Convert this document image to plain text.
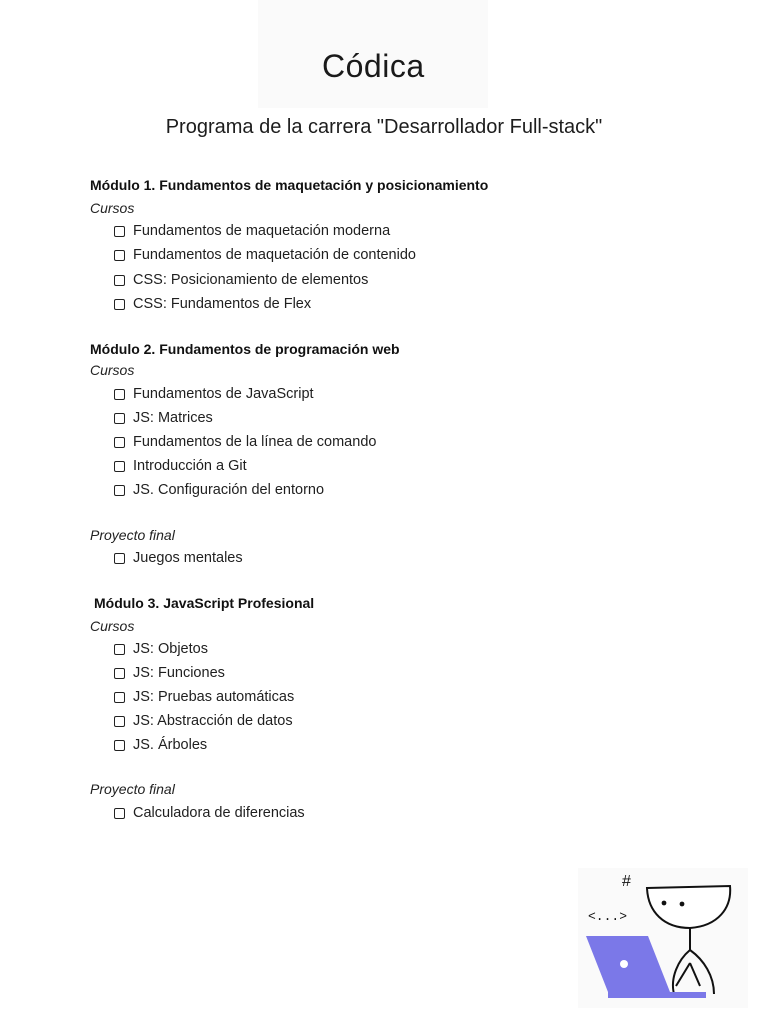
Códica
Programa de la carrera "Desarrollador Full-stack"
Módulo 1. Fundamentos de maquetación y posicionamiento
Cursos
Fundamentos de maquetación moderna
Fundamentos de maquetación de contenido
CSS: Posicionamiento de elementos
CSS: Fundamentos de Flex
Módulo 2. Fundamentos de programación web
Cursos
Fundamentos de JavaScript
JS: Matrices
Fundamentos de la línea de comando
Introducción a Git
JS. Configuración del entorno
Proyecto final
Juegos mentales
Módulo 3. JavaScript Profesional
Cursos
JS: Objetos
JS: Funciones
JS: Pruebas automáticas
JS: Abstracción de datos
JS. Árboles
Proyecto final
Calculadora de diferencias
#
<...>
